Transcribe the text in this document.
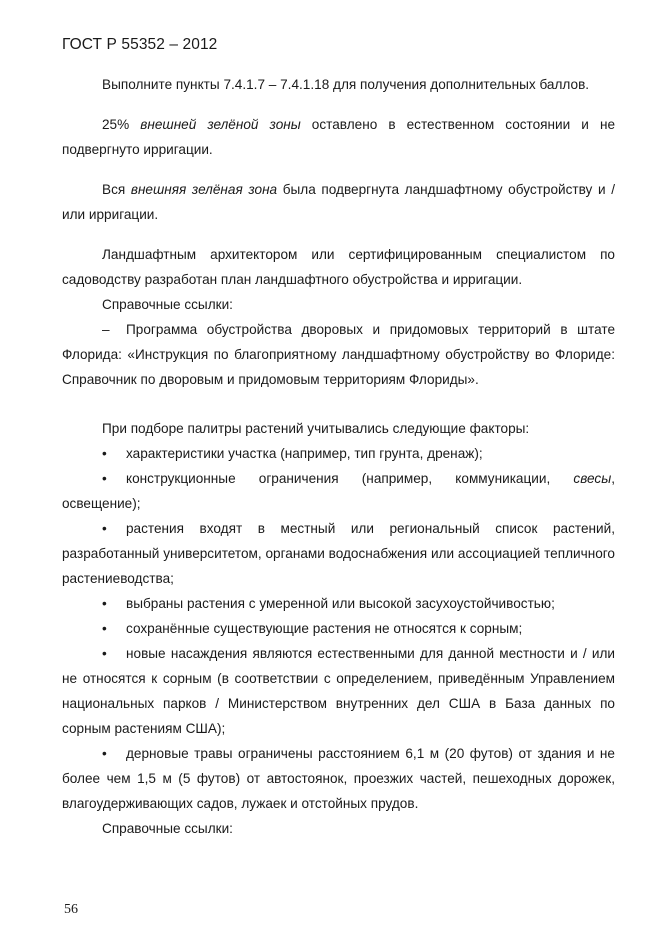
ГОСТ Р 55352 – 2012

Выполните пункты 7.4.1.7 – 7.4.1.18 для получения дополнительных баллов.

25% внешней зелёной зоны оставлено в естественном состоянии и не подвергнуто ирригации.

Вся внешняя зелёная зона была подвергнута ландшафтному обустройству и / или ирригации.

Ландшафтным архитектором или сертифицированным специалистом по садоводству разработан план ландшафтного обустройства и ирригации.

Справочные ссылки:

– Программа обустройства дворовых и придомовых территорий в штате Флорида: «Инструкция по благоприятному ландшафтному обустройству во Флориде: Справочник по дворовым и придомовым территориям Флориды».

При подборе палитры растений учитывались следующие факторы:

• характеристики участка (например, тип грунта, дренаж);

• конструкционные ограничения (например, коммуникации, свесы, освещение);

• растения входят в местный или региональный список растений, разработанный университетом, органами водоснабжения или ассоциацией тепличного растениеводства;

• выбраны растения с умеренной или высокой засухоустойчивостью;

• сохранённые существующие растения не относятся к сорным;

• новые насаждения являются естественными для данной местности и / или не относятся к сорным (в соответствии с определением, приведённым Управлением национальных парков / Министерством внутренних дел США в База данных по сорным растениям США);

• дерновые травы ограничены расстоянием 6,1 м (20 футов) от здания и не более чем 1,5 м (5 футов) от автостоянок, проезжих частей, пешеходных дорожек, влагоудерживающих садов, лужаек и отстойных прудов.

Справочные ссылки:

56
